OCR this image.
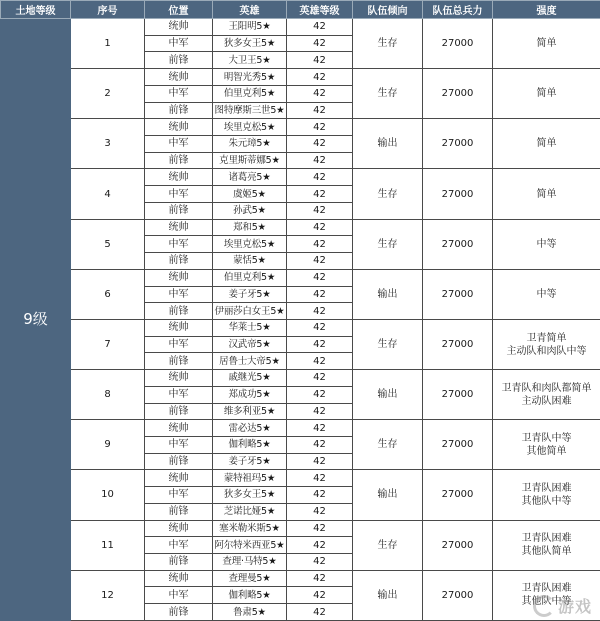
土地等级	序号	位置	英雄	英雄等级	队伍倾向	队伍总兵力	强度
9级	1	统帅	王阳明5★	42	生存	27000	简单

		中军	狄多女王5★	42			
		前锋	大卫王5★	42			
	2	统帅	明智光秀5★	42	生存	27000	简单

		中军	伯里克利5★	42			
		前锋	图特摩斯三世5★	42			
	3	统帅	埃里克松5★	42	输出	27000	简单

		中军	朱元璋5★	42			
		前锋	克里斯蒂娜5★	42			
	4	统帅	诸葛亮5★	42	生存	27000	简单

		中军	虞姬5★	42			
		前锋	孙武5★	42			
	5	统帅	郑和5★	42	生存	27000	中等

		中军	埃里克松5★	42			
		前锋	蒙恬5★	42			
	6	统帅	伯里克利5★	42	输出	27000	中等

		中军	姜子牙5★	42			
		前锋	伊丽莎白女王5★	42			
	7	统帅	华莱士5★	42	生存	27000	卫青简单
主动队和肉队中等

		中军	汉武帝5★	42			
		前锋	居鲁士大帝5★	42			
	8	统帅	戚继光5★	42	输出	27000	卫青队和肉队都简单
主动队困难

		中军	郑成功5★	42			
		前锋	维多利亚5★	42			
	9	统帅	雷必达5★	42	生存	27000	卫青队中等
其他简单

		中军	伽利略5★	42			
		前锋	姜子牙5★	42			
	10	统帅	蒙特祖玛5★	42	输出	27000	卫青队困难
其他队中等

		中军	狄多女王5★	42			
		前锋	芝诺比娅5★	42			
	11	统帅	塞米勒米斯5★	42	生存	27000	卫青队困难
其他队简单

		中军	阿尔特米西亚5★	42			
		前锋	查理·马特5★	42			
	12	统帅	查理曼5★	42	输出	27000	卫青队困难
其他队中等

		中军	伽利略5★	42			
		前锋	鲁肃5★	42				游戏
